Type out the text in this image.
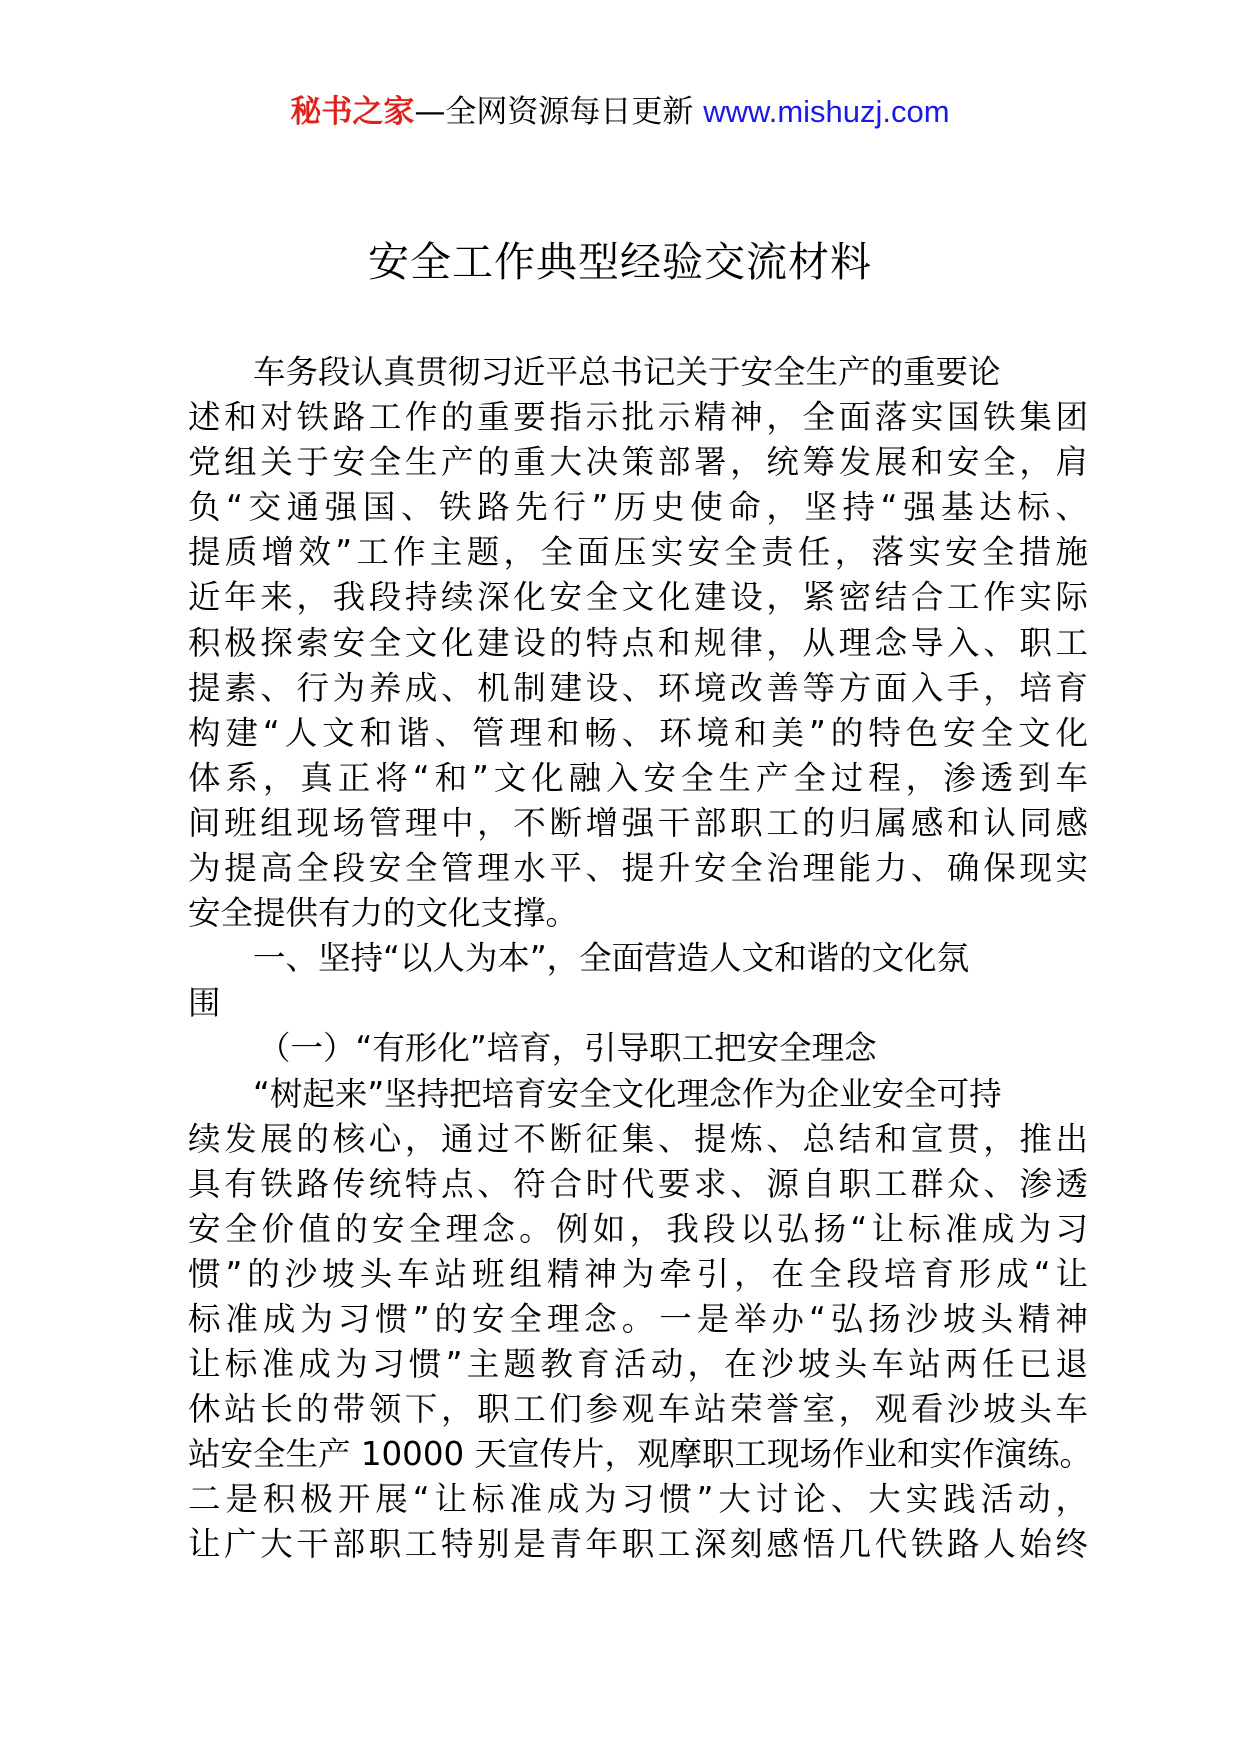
秘书之家—全网资源每日更新 www.mishuzj.com
安全工作典型经验交流材料
车务段认真贯彻习近平总书记关于安全生产的重要论
述和对铁路工作的重要指示批示精神，全面落实国铁集团
党组关于安全生产的重大决策部署，统筹发展和安全，肩
负“交通强国、铁路先行”历史使命，坚持“强基达标、
提质增效”工作主题，全面压实安全责任，落实安全措施
近年来，我段持续深化安全文化建设，紧密结合工作实际
积极探索安全文化建设的特点和规律，从理念导入、职工
提素、行为养成、机制建设、环境改善等方面入手，培育
构建“人文和谐、管理和畅、环境和美”的特色安全文化
体系，真正将“和”文化融入安全生产全过程，渗透到车
间班组现场管理中，不断增强干部职工的归属感和认同感
为提高全段安全管理水平、提升安全治理能力、确保现实
安全提供有力的文化支撑。
一、坚持“以人为本”，全面营造人文和谐的文化氛
围
（一）“有形化”培育，引导职工把安全理念
“树起来”坚持把培育安全文化理念作为企业安全可持
续发展的核心，通过不断征集、提炼、总结和宣贯，推出
具有铁路传统特点、符合时代要求、源自职工群众、渗透
安全价值的安全理念。例如，我段以弘扬“让标准成为习
惯”的沙坡头车站班组精神为牵引，在全段培育形成“让
标准成为习惯”的安全理念。一是举办“弘扬沙坡头精神
让标准成为习惯”主题教育活动，在沙坡头车站两任已退
休站长的带领下，职工们参观车站荣誉室，观看沙坡头车
站安全生产 10000 天宣传片，观摩职工现场作业和实作演练。
二是积极开展“让标准成为习惯”大讨论、大实践活动，
让广大干部职工特别是青年职工深刻感悟几代铁路人始终
